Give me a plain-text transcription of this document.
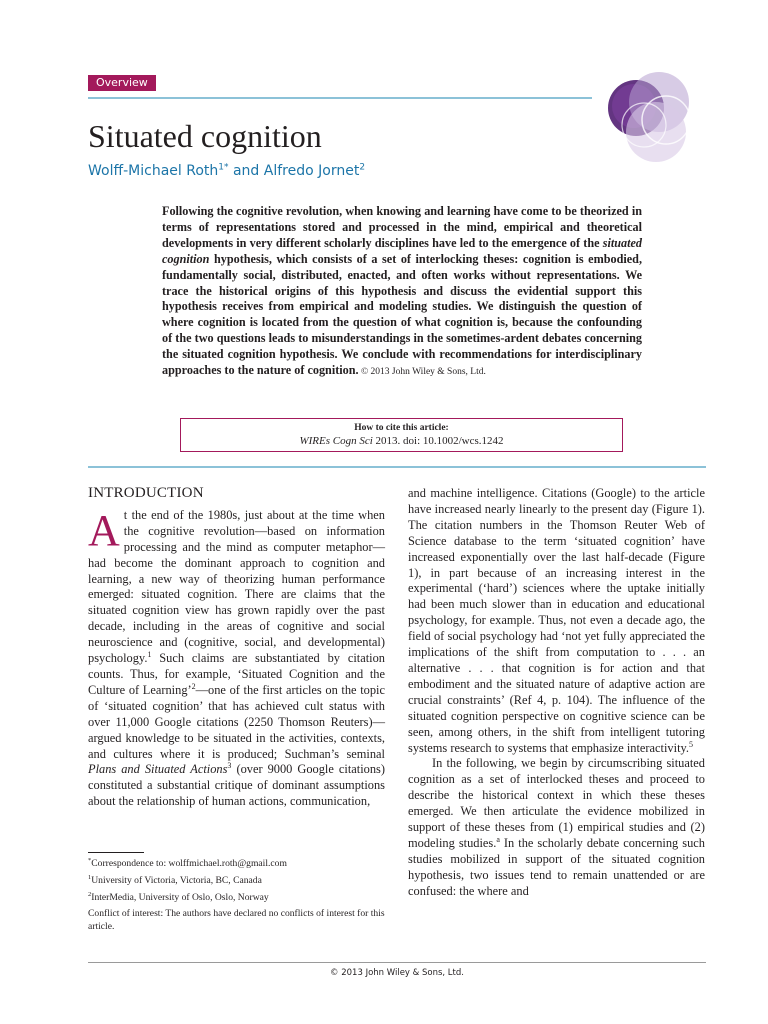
Overview
Situated cognition

Wolff-Michael Roth$^{1*}$ and Alfredo Jornet$^2$

Following the cognitive revolution, when knowing and learning have come to be theorized in terms of representations stored and processed in the mind, empirical and theoretical developments in very different scholarly disciplines have led to the emergence of the situated cognition hypothesis, which consists of a set of interlocking theses: cognition is embodied, fundamentally social, distributed, enacted, and often works without representations. We trace the historical origins of this hypothesis and discuss the evidential support this hypothesis receives from empirical and modeling studies. We distinguish the question of where cognition is located from the question of what cognition is, because the confounding of the two questions leads to misunderstandings in the sometimes-ardent debates concerning the situated cognition hypothesis. We conclude with recommendations for interdisciplinary approaches to the nature of cognition. © 2013 John Wiley & Sons, Ltd.

How to cite this article:
WIREs Cogn Sci 2013. doi: 10.1002/wcs.1242
INTRODUCTION

At the end of the 1980s, just about at the time when the cognitive revolution—based on information processing and the mind as computer metaphor—had become the dominant approach to cognition and learning, a new way of theorizing human performance emerged: situated cognition. There are claims that the situated cognition view has grown rapidly over the past decade, including in the areas of cognitive and social neuroscience and (cognitive, social, and developmental) psychology.$^1$ Such claims are substantiated by citation counts. Thus, for example, ‘Situated Cognition and the Culture of Learning’$^2$—one of the first articles on the topic of ‘situated cognition’ that has achieved cult status with over 11,000 Google citations (2250 Thomson Reuters)—argued knowledge to be situated in the activities, contexts, and cultures where it is produced; Suchman’s seminal Plans and Situated Actions$^3$ (over 9000 Google citations) constituted a substantial critique of dominant assumptions about the relationship of human actions, communication,

and machine intelligence. Citations (Google) to the article have increased nearly linearly to the present day (Figure 1). The citation numbers in the Thomson Reuter Web of Science database to the term ‘situated cognition’ have increased exponentially over the last half-decade (Figure 1), in part because of an increasing interest in the experimental (‘hard’) sciences where the uptake initially had been much slower than in education and educational psychology, for example. Thus, not even a decade ago, the field of social psychology had ‘not yet fully appreciated the implications of the shift from computation to . . . an alternative . . . that cognition is for action and that embodiment and the situated nature of adaptive action are crucial constraints’ (Ref 4, p. 104). The influence of the situated cognition perspective on cognitive science can be seen, among others, in the shift from intelligent tutoring systems research to systems that emphasize interactivity.$^5$

In the following, we begin by circumscribing situated cognition as a set of interlocked theses and proceed to describe the historical context in which these theses emerged. We then articulate the evidence mobilized in support of these theses from (1) empirical studies and (2) modeling studies.$^a$ In the scholarly debate concerning such studies mobilized in support of the situated cognition hypothesis, two issues tend to remain unattended or are confused: the where and

*Correspondence to: wolffmichael.roth@gmail.com

$^1$University of Victoria, Victoria, BC, Canada

$^2$InterMedia, University of Oslo, Oslo, Norway

Conflict of interest: The authors have declared no conflicts of interest for this article.

© 2013 John Wiley & Sons, Ltd.
